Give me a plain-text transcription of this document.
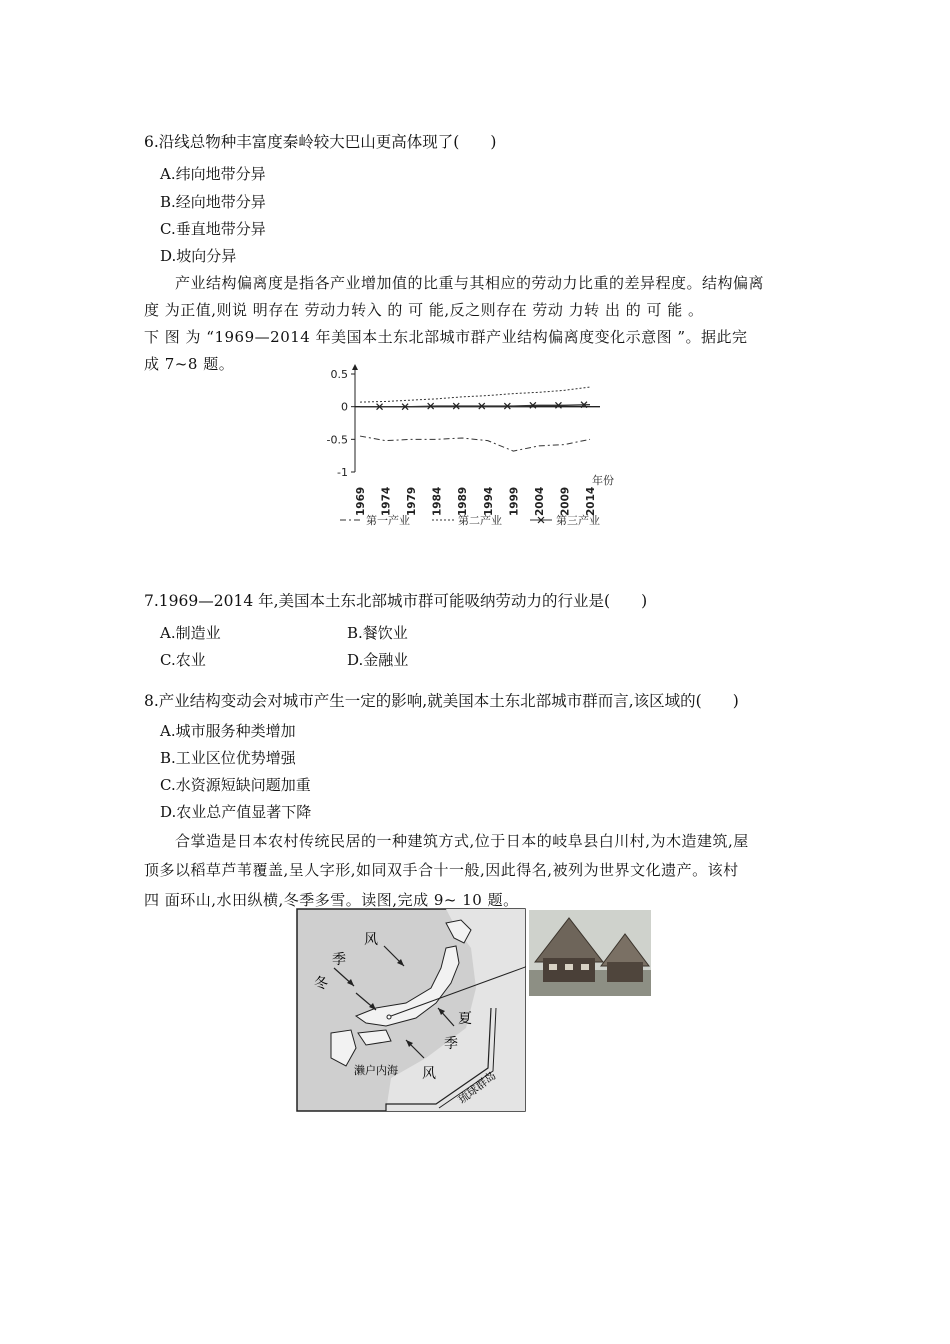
6.沿线总物种丰富度秦岭较大巴山更高体现了(　　)
A.纬向地带分异
B.经向地带分异
C.垂直地带分异
D.坡向分异
产业结构偏离度是指各产业增加值的比重与其相应的劳动力比重的差异程度。结构偏离
度 为正值,则说 明存在 劳动力转入 的 可 能,反之则存在 劳动 力转 出 的 可 能 。
下 图 为 “1969—2014 年美国本土东北部城市群产业结构偏离度变化示意图 ”。据此完
成 7~8 题。
0.5
0
-0.5
-1
1969 1974 1979 1984 1989 1994 1999 2004 2009 2014
年份
第一产业	第二产业	第三产业
7.1969—2014 年,美国本土东北部城市群可能吸纳劳动力的行业是(　　)
A.制造业	B.餐饮业
C.农业	D.金融业
8.产业结构变动会对城市产生一定的影响,就美国本土东北部城市群而言,该区域的(　　)
A.城市服务种类增加
B.工业区位优势增强
C.水资源短缺问题加重
D.农业总产值显著下降
合掌造是日本农村传统民居的一种建筑方式,位于日本的岐阜县白川村,为木造建筑,屋
顶多以稻草芦苇覆盖,呈人字形,如同双手合十一般,因此得名,被列为世界文化遗产。该村
四 面环山,水田纵横,冬季多雪。读图,完成 9~ 10 题。
风
季
冬
夏
季
风
濑户内海	琉球群岛
